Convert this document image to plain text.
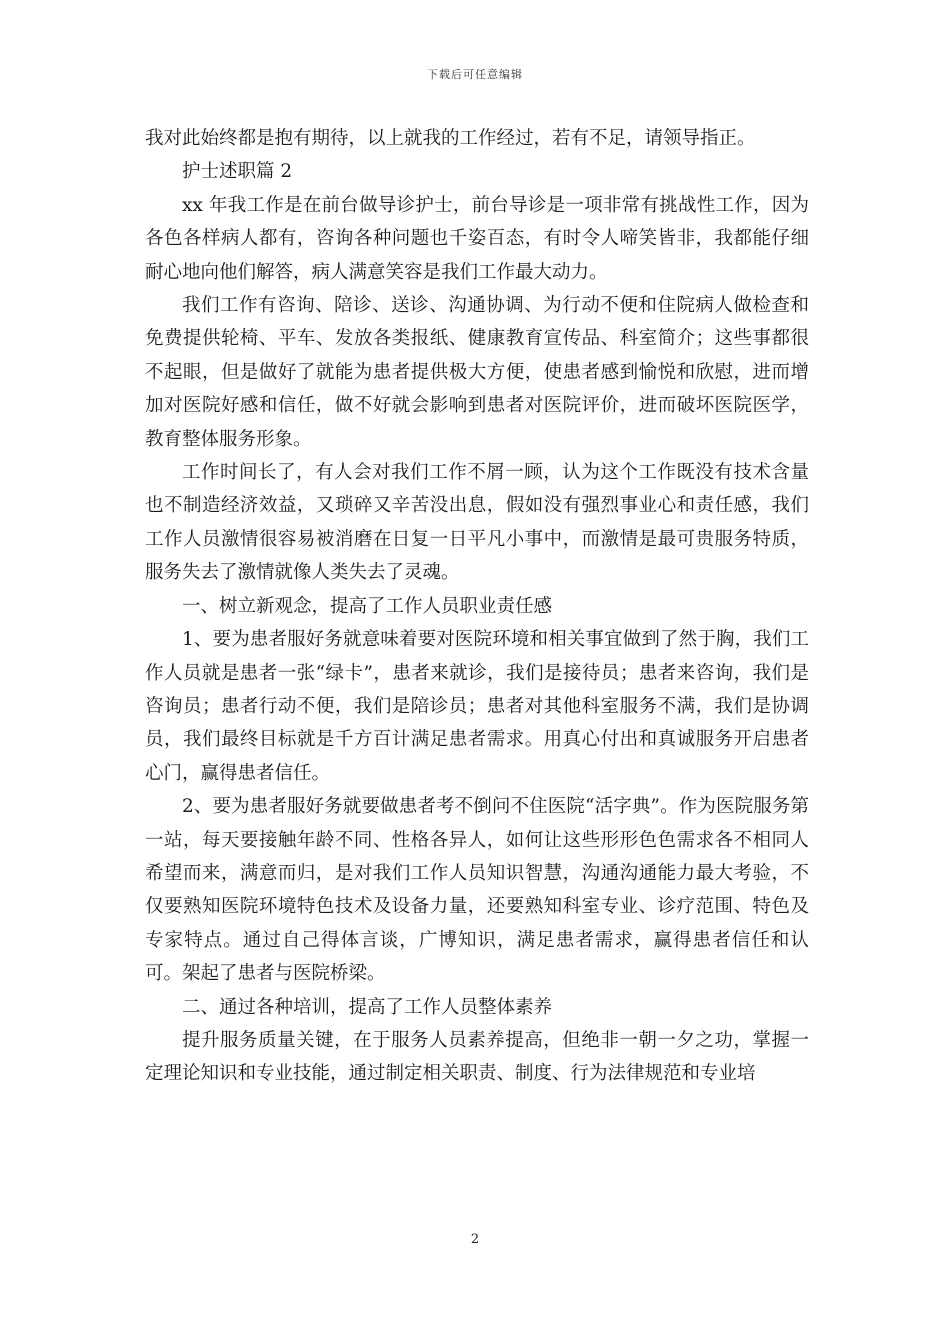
下载后可任意编辑

我对此始终都是抱有期待，以上就我的工作经过，若有不足，请领导指正。

护士述职篇 2

xx 年我工作是在前台做导诊护士，前台导诊是一项非常有挑战性工作，因为各色各样病人都有，咨询各种问题也千姿百态，有时令人啼笑皆非，我都能仔细耐心地向他们解答，病人满意笑容是我们工作最大动力。

我们工作有咨询、陪诊、送诊、沟通协调、为行动不便和住院病人做检查和免费提供轮椅、平车、发放各类报纸、健康教育宣传品、科室简介；这些事都很不起眼，但是做好了就能为患者提供极大方便，使患者感到愉悦和欣慰，进而增加对医院好感和信任，做不好就会影响到患者对医院评价，进而破坏医院医学，教育整体服务形象。

工作时间长了，有人会对我们工作不屑一顾，认为这个工作既没有技术含量也不制造经济效益，又琐碎又辛苦没出息，假如没有强烈事业心和责任感，我们工作人员激情很容易被消磨在日复一日平凡小事中，而激情是最可贵服务特质，服务失去了激情就像人类失去了灵魂。

一、树立新观念，提高了工作人员职业责任感

1、要为患者服好务就意味着要对医院环境和相关事宜做到了然于胸，我们工作人员就是患者一张“绿卡”，患者来就诊，我们是接待员；患者来咨询，我们是咨询员；患者行动不便，我们是陪诊员；患者对其他科室服务不满，我们是协调员，我们最终目标就是千方百计满足患者需求。用真心付出和真诚服务开启患者心门，赢得患者信任。

2、要为患者服好务就要做患者考不倒问不住医院“活字典”。作为医院服务第一站，每天要接触年龄不同、性格各异人，如何让这些形形色色需求各不相同人希望而来，满意而归，是对我们工作人员知识智慧，沟通沟通能力最大考验，不仅要熟知医院环境特色技术及设备力量，还要熟知科室专业、诊疗范围、特色及专家特点。通过自己得体言谈，广博知识，满足患者需求，赢得患者信任和认可。架起了患者与医院桥梁。

二、通过各种培训，提高了工作人员整体素养

提升服务质量关键，在于服务人员素养提高，但绝非一朝一夕之功，掌握一定理论知识和专业技能，通过制定相关职责、制度、行为法律规范和专业培

2
